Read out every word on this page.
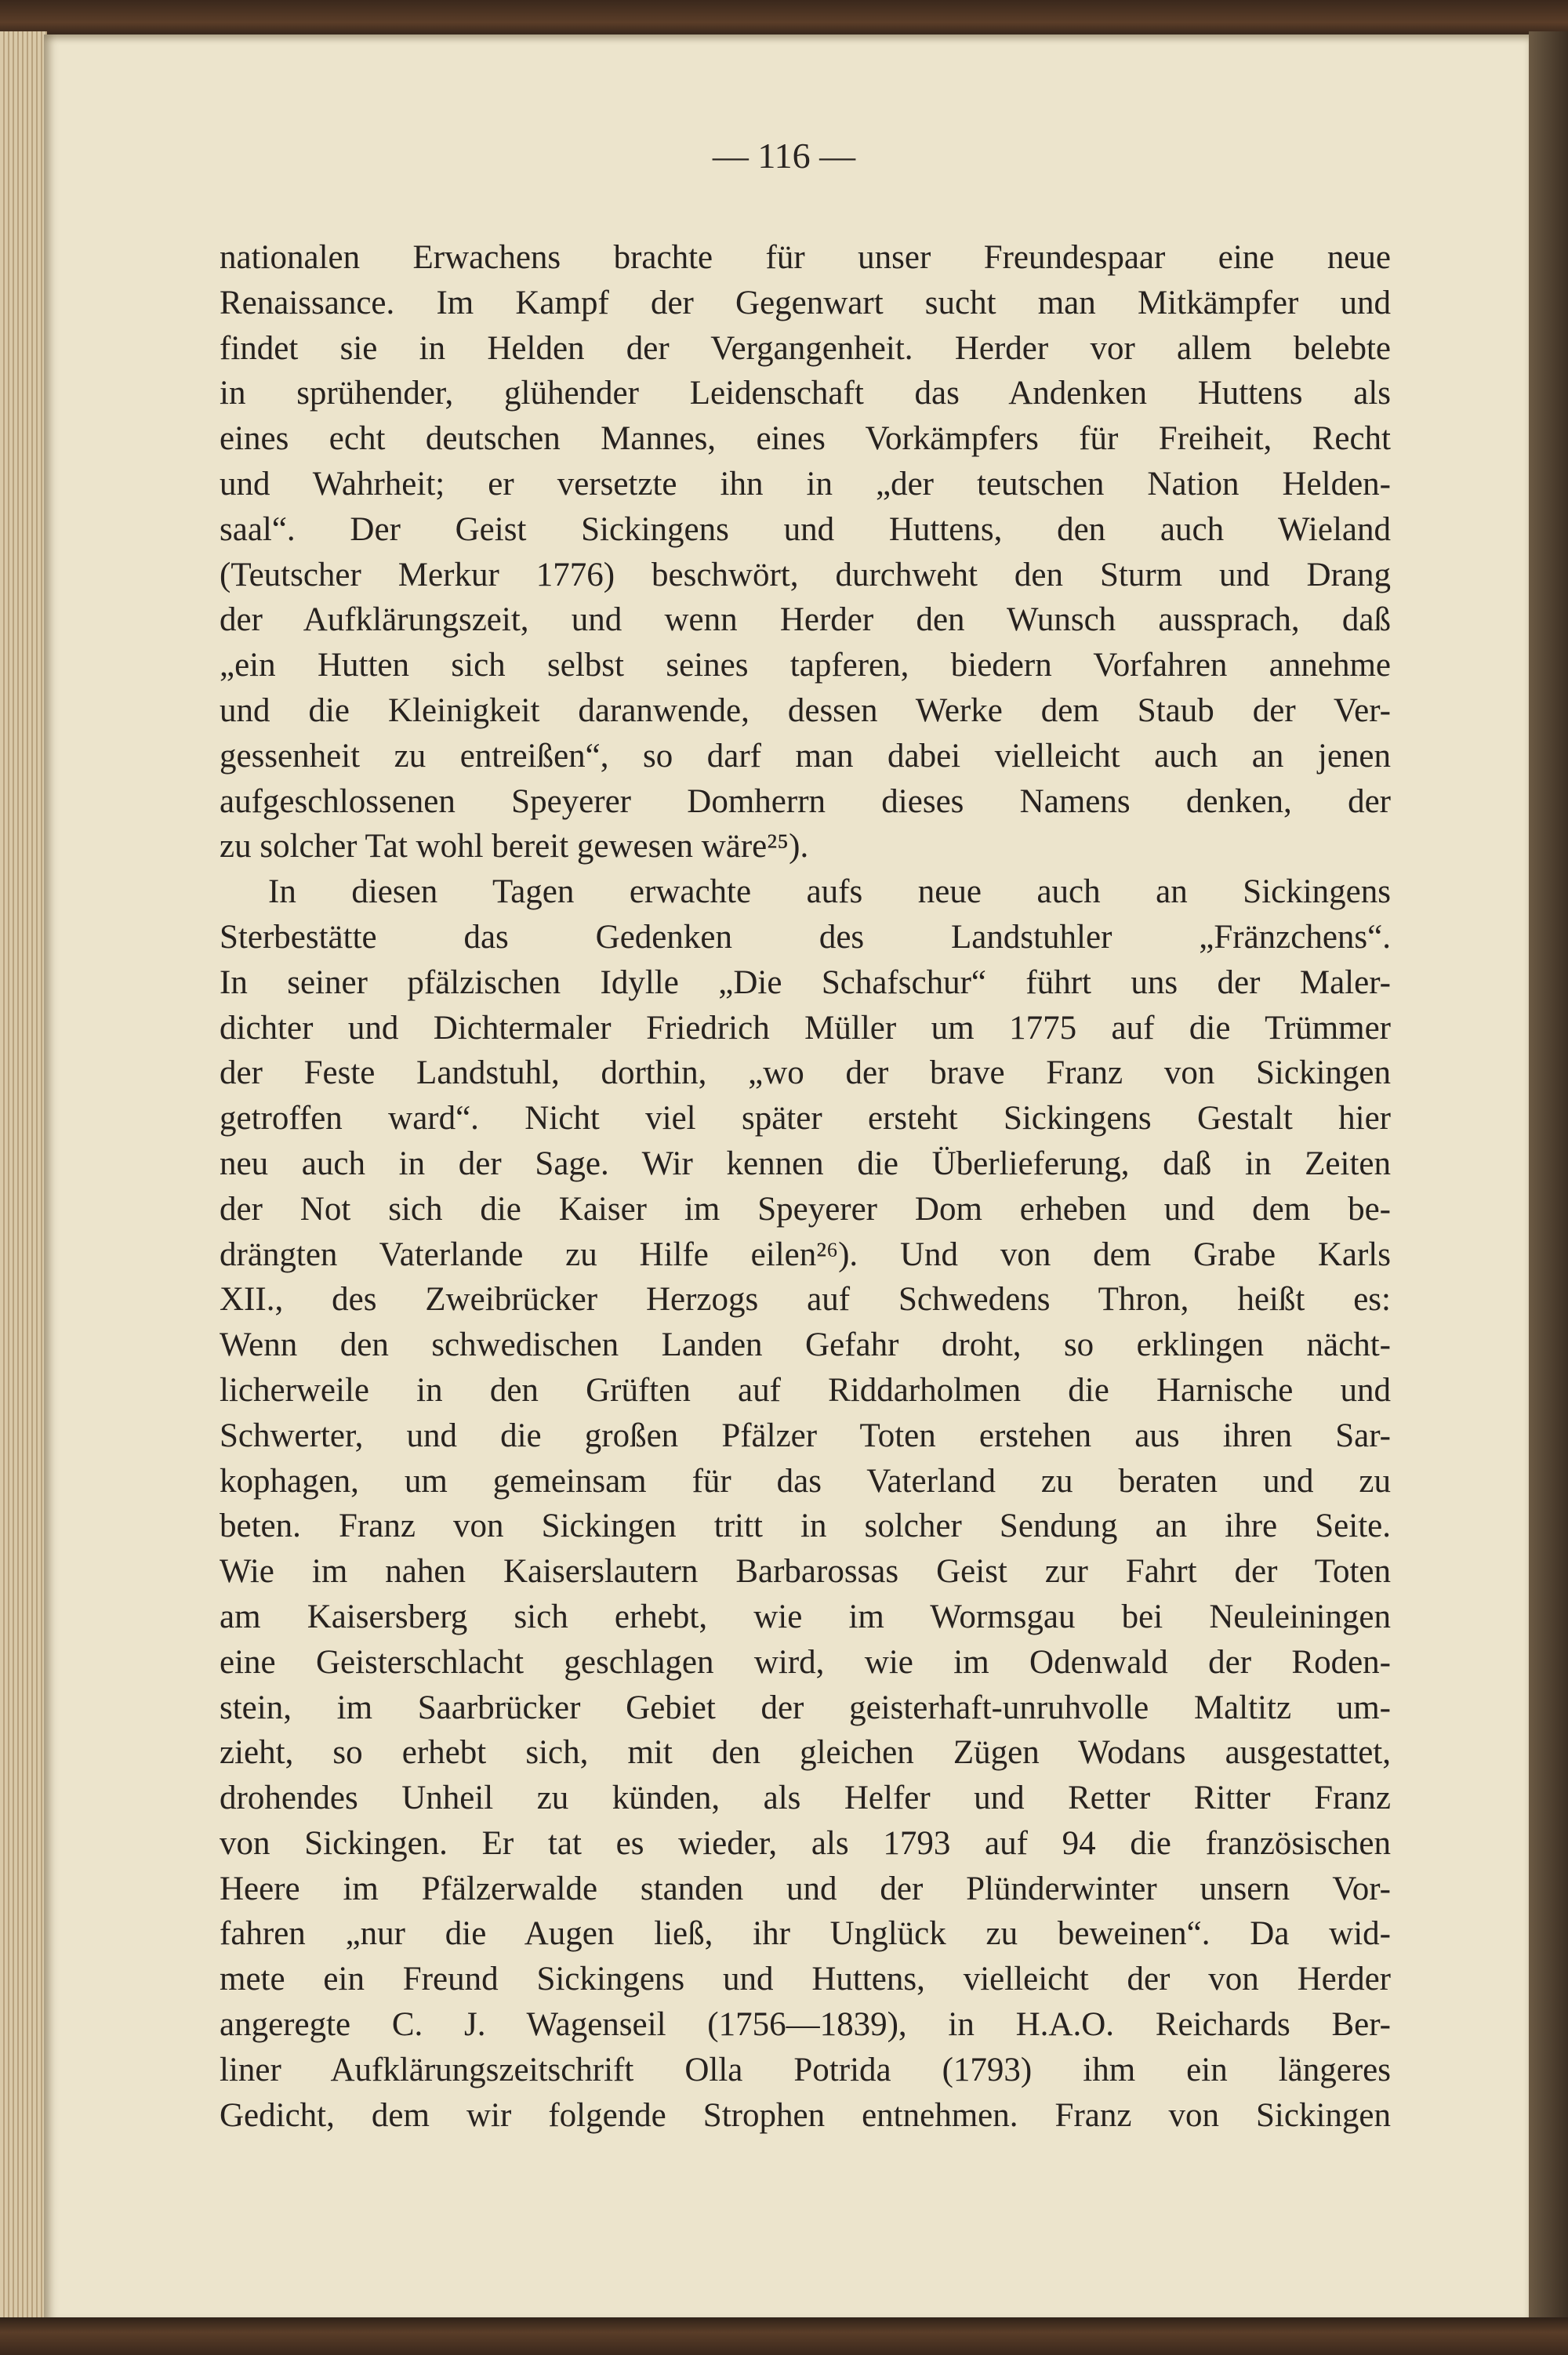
— 116 —
nationalen Erwachens brachte für unser Freundespaar eine neue
Renaissance. Im Kampf der Gegenwart sucht man Mitkämpfer und
findet sie in Helden der Vergangenheit. Herder vor allem belebte
in sprühender, glühender Leidenschaft das Andenken Huttens als
eines echt deutschen Mannes, eines Vorkämpfers für Freiheit, Recht
und Wahrheit; er versetzte ihn in „der teutschen Nation Helden-
saal“. Der Geist Sickingens und Huttens, den auch Wieland
(Teutscher Merkur 1776) beschwört, durchweht den Sturm und Drang
der Aufklärungszeit, und wenn Herder den Wunsch aussprach, daß
„ein Hutten sich selbst seines tapferen, biedern Vorfahren annehme
und die Kleinigkeit daranwende, dessen Werke dem Staub der Ver-
gessenheit zu entreißen“, so darf man dabei vielleicht auch an jenen
aufgeschlossenen Speyerer Domherrn dieses Namens denken, der
zu solcher Tat wohl bereit gewesen wäre²⁵).
In diesen Tagen erwachte aufs neue auch an Sickingens
Sterbestätte das Gedenken des Landstuhler „Fränzchens“.
In seiner pfälzischen Idylle „Die Schafschur“ führt uns der Maler-
dichter und Dichtermaler Friedrich Müller um 1775 auf die Trümmer
der Feste Landstuhl, dorthin, „wo der brave Franz von Sickingen
getroffen ward“. Nicht viel später ersteht Sickingens Gestalt hier
neu auch in der Sage. Wir kennen die Überlieferung, daß in Zeiten
der Not sich die Kaiser im Speyerer Dom erheben und dem be-
drängten Vaterlande zu Hilfe eilen²⁶). Und von dem Grabe Karls
XII., des Zweibrücker Herzogs auf Schwedens Thron, heißt es:
Wenn den schwedischen Landen Gefahr droht, so erklingen nächt-
licherweile in den Grüften auf Riddarholmen die Harnische und
Schwerter, und die großen Pfälzer Toten erstehen aus ihren Sar-
kophagen, um gemeinsam für das Vaterland zu beraten und zu
beten. Franz von Sickingen tritt in solcher Sendung an ihre Seite.
Wie im nahen Kaiserslautern Barbarossas Geist zur Fahrt der Toten
am Kaisersberg sich erhebt, wie im Wormsgau bei Neuleiningen
eine Geisterschlacht geschlagen wird, wie im Odenwald der Roden-
stein, im Saarbrücker Gebiet der geisterhaft-unruhvolle Maltitz um-
zieht, so erhebt sich, mit den gleichen Zügen Wodans ausgestattet,
drohendes Unheil zu künden, als Helfer und Retter Ritter Franz
von Sickingen. Er tat es wieder, als 1793 auf 94 die französischen
Heere im Pfälzerwalde standen und der Plünderwinter unsern Vor-
fahren „nur die Augen ließ, ihr Unglück zu beweinen“. Da wid-
mete ein Freund Sickingens und Huttens, vielleicht der von Herder
angeregte C. J. Wagenseil (1756—1839), in H.A.O. Reichards Ber-
liner Aufklärungszeitschrift Olla Potrida (1793) ihm ein längeres
Gedicht, dem wir folgende Strophen entnehmen. Franz von Sickingen
